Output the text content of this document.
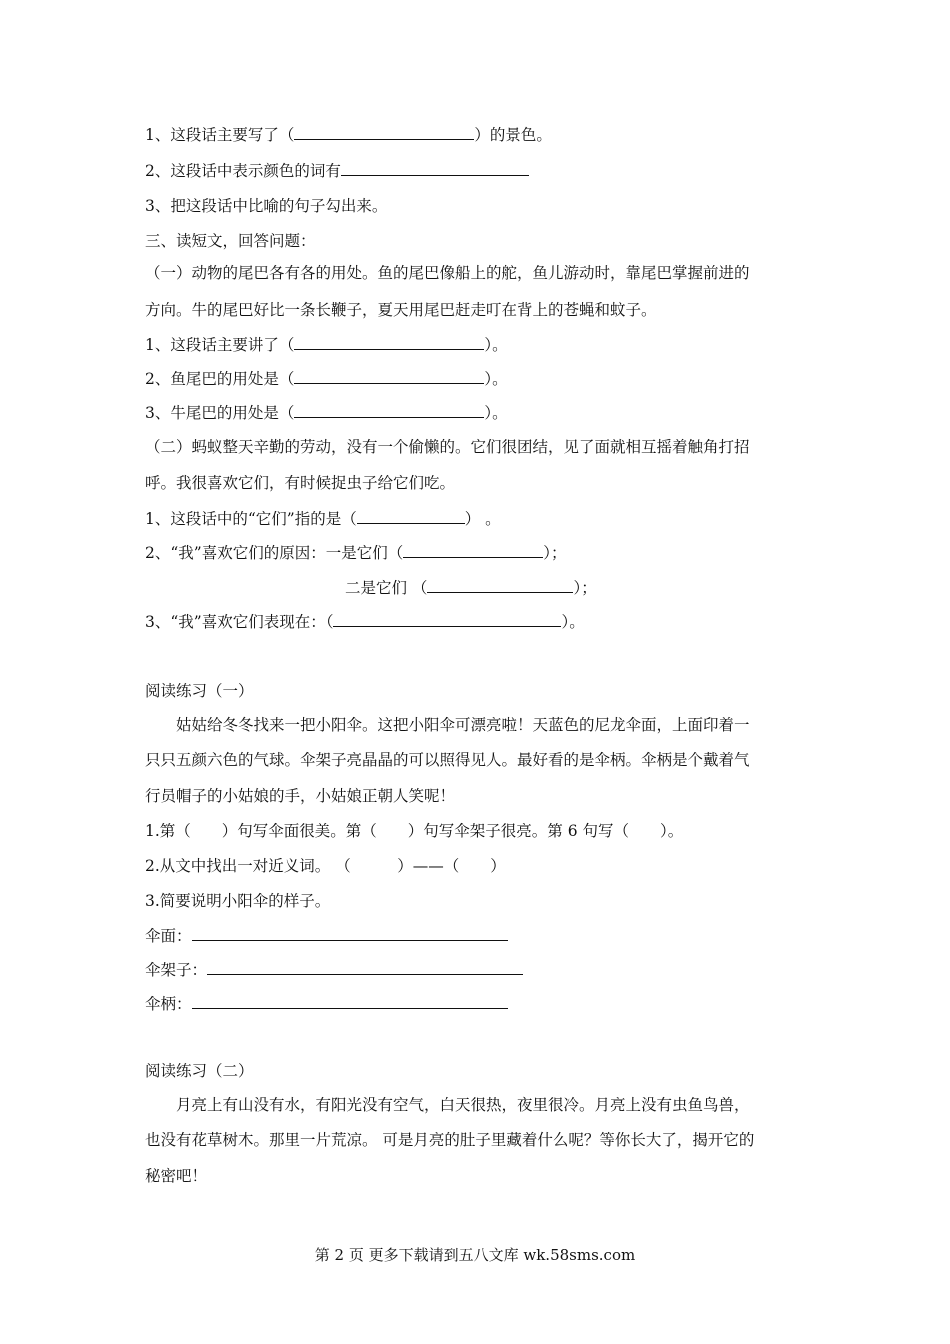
1、这段话主要写了（	）的景色。
2、这段话中表示颜色的词有
3、把这段话中比喻的句子勾出来。
三、读短文，回答问题：
（一）动物的尾巴各有各的用处。鱼的尾巴像船上的舵，鱼儿游动时，靠尾巴掌握前进的
方向。牛的尾巴好比一条长鞭子，夏天用尾巴赶走叮在背上的苍蝇和蚊子。
1、这段话主要讲了（	）。
2、鱼尾巴的用处是（	）。
3、牛尾巴的用处是（	）。
（二）蚂蚁整天辛勤的劳动，没有一个偷懒的。它们很团结，见了面就相互摇着触角打招
呼。我很喜欢它们，有时候捉虫子给它们吃。
1、这段话中的“它们”指的是（	） 。
2、“我”喜欢它们的原因：一是它们（	）；
二是它们 （	）；
3、“我”喜欢它们表现在：（	）。
阅读练习（一）
姑姑给冬冬找来一把小阳伞。这把小阳伞可漂亮啦！天蓝色的尼龙伞面，上面印着一
只只五颜六色的气球。伞架子亮晶晶的可以照得见人。最好看的是伞柄。伞柄是个戴着气
行员帽子的小姑娘的手，小姑娘正朝人笑呢！
1.第（　　）句写伞面很美。第（　　）句写伞架子很亮。第 6 句写（　　）。
2.从文中找出一对近义词。 （　　　）——（　　）
3.简要说明小阳伞的样子。
伞面：
伞架子：
伞柄：
阅读练习（二）
月亮上有山没有水，有阳光没有空气，白天很热，夜里很冷。月亮上没有虫鱼鸟兽，
也没有花草树木。那里一片荒凉。 可是月亮的肚子里藏着什么呢？等你长大了，揭开它的
秘密吧！
第 2 页 更多下载请到五八文库 wk.58sms.com
